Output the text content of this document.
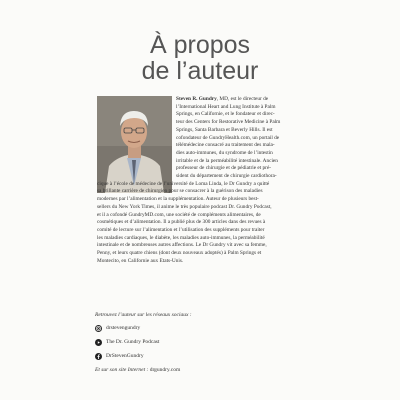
À propos
de l’auteur
Steven R. Gundry, MD, est le directeur de
l’International Heart and Lung Institute à Palm
Springs, en Californie, et le fondateur et direc-
teur des Centers for Restorative Medicine à Palm
Springs, Santa Barbara et Beverly Hills. Il est
cofondateur de GundryHealth.com, un portail de
télémédecine consacré au traitement des mala-
dies auto-immunes, du syndrome de l’intestin
irritable et de la perméabilité intestinale. Ancien
professeur de chirurgie et de pédiatrie et pré-
sident du département de chirurgie cardiothora-
cique à l’école de médecine de l’université de Loma Linda, le Dr Gundry a quitté
sa brillante carrière de chirurgien pour se consacrer à la guérison des maladies
modernes par l’alimentation et la supplémentation. Auteur de plusieurs best-
sellers du New York Times, il anime le très populaire podcast Dr. Gundry Podcast,
et il a cofondé GundryMD.com, une société de compléments alimentaires, de
cosmétiques et d’alimentation. Il a publié plus de 300 articles dans des revues à
comité de lecture sur l’alimentation et l’utilisation des suppléments pour traiter
les maladies cardiaques, le diabète, les maladies auto-immunes, la perméabilité
intestinale et de nombreuses autres affections. Le Dr Gundry vit avec sa femme,
Penny, et leurs quatre chiens (dont deux nouveaux adoptés) à Palm Springs et
Montecito, en Californie aux États-Unis.
Retrouvez l’auteur sur les réseaux sociaux :
drstevengundry
The Dr. Gundry Podcast
DrStevenGundry
Et sur son site Internet : drgundry.com
